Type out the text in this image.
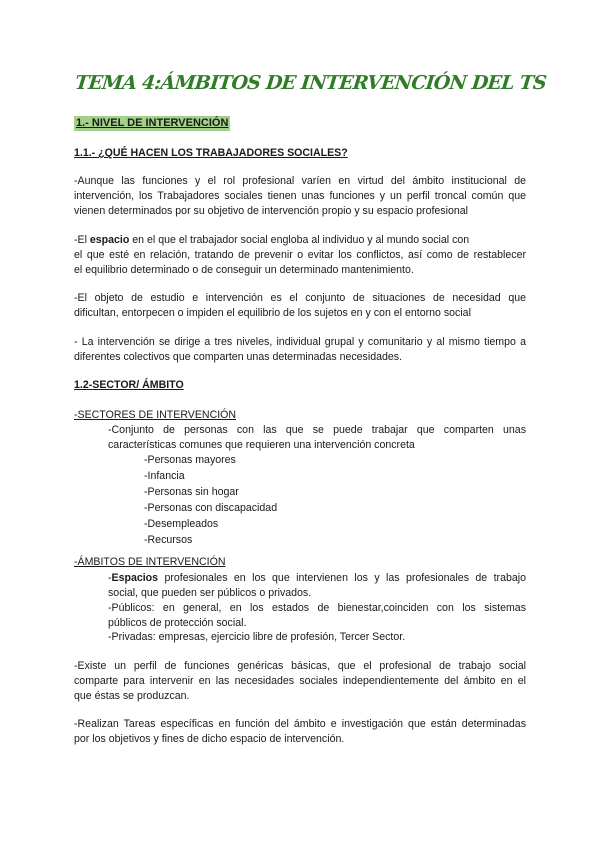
TEMA 4:ÁMBITOS DE INTERVENCIÓN DEL TS
1.- NIVEL DE INTERVENCIÓN
1.1.- ¿QUÉ HACEN LOS TRABAJADORES SOCIALES?
-Aunque las funciones y el rol profesional varíen en virtud del ámbito institucional de
intervención, los Trabajadores sociales tienen unas funciones y un perfil troncal común que
vienen determinados por su objetivo de intervención propio y su espacio profesional
-El espacio en el que el trabajador social engloba al individuo y al mundo social con
el que esté en relación, tratando de prevenir o evitar los conflictos, así como de restablecer
el equilibrio determinado o de conseguir un determinado mantenimiento.
-El objeto de estudio e intervención es el conjunto de situaciones de necesidad que
dificultan, entorpecen o impiden el equilibrio de los sujetos en y con el entorno social
- La intervención se dirige a tres niveles, individual grupal y comunitario y al mismo tiempo a
diferentes colectivos que comparten unas determinadas necesidades.
1.2-SECTOR/ ÁMBITO
-SECTORES DE INTERVENCIÓN
-Conjunto de personas con las que se puede trabajar que comparten unas
características comunes que requieren una intervención concreta
-Personas mayores
-Infancia
-Personas sin hogar
-Personas con discapacidad
-Desempleados
-Recursos
-ÁMBITOS DE INTERVENCIÓN
-Espacios profesionales en los que intervienen los y las profesionales de trabajo
social, que pueden ser públicos o privados.
-Públicos: en general, en los estados de bienestar,coinciden con los sistemas
públicos de protección social.
-Privadas: empresas, ejercicio libre de profesión, Tercer Sector.
-Existe un perfil de funciones genéricas básicas, que el profesional de trabajo social
comparte para intervenir en las necesidades sociales independientemente del ámbito en el
que éstas se produzcan.
-Realizan Tareas específicas en función del ámbito e investigación que están determinadas
por los objetivos y fines de dicho espacio de intervención.
